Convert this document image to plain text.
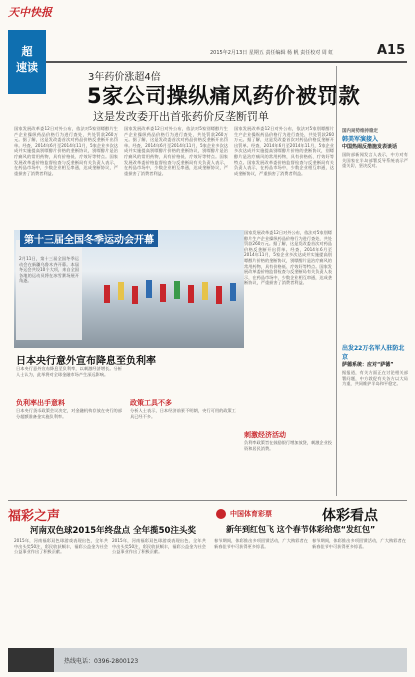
天中快报
2015年2月13日 星期五 责任编辑 杨 帆 责任校对 周 虹	A15
超
速读
3年药价涨超4倍
5家公司操纵痛风药价被罚款
这是发改委开出首张药价反垄断罚单
国家发展改革委12日对外公布，依法对5家别嘌醇片生产企业操纵药品价格行为进行查处，共处罚款260万元。据了解，这是发改委首次对药品价格反垄断开出罚单。经查，2014年6月至2014年11月，5家企业多次达成并实施提高别嘌醇片价格的垄断协议，别嘌醇片是治疗痛风的常用药物，具有价格低、疗效好等特点。国家发展改革委价格监督检查与反垄断局有关负责人表示，在药品市场中，少数企业相互串通，达成垄断协议，严重损害了消费者利益。
国家发展改革委12日对外公布，依法对5家别嘌醇片生产企业操纵药品价格行为进行查处，共处罚款260万元。据了解，这是发改委首次对药品价格反垄断开出罚单。经查，2014年6月至2014年11月，5家企业多次达成并实施提高别嘌醇片价格的垄断协议，别嘌醇片是治疗痛风的常用药物，具有价格低、疗效好等特点。国家发展改革委价格监督检查与反垄断局有关负责人表示，在药品市场中，少数企业相互串通，达成垄断协议，严重损害了消费者利益。
国家发展改革委12日对外公布，依法对5家别嘌醇片生产企业操纵药品价格行为进行查处，共处罚款260万元。据了解，这是发改委首次对药品价格反垄断开出罚单。经查，2014年6月至2014年11月，5家企业多次达成并实施提高别嘌醇片价格的垄断协议，别嘌醇片是治疗痛风的常用药物，具有价格低、疗效好等特点。国家发展改革委价格监督检查与反垄断局有关负责人表示，在药品市场中，少数企业相互串通，达成垄断协议，严重损害了消费者利益。
2月11日，第十三届全国冬季运动会在新疆乌鲁木齐开幕。本届冬运会共设10个大项，来自全国各地的运动员将在冰雪赛场展开角逐。
第十三届全国冬季运动会开幕
日本央行意外宣布降息至负利率
日本央行意外宣布降息至负利率，以刺激经济增长。分析人士认为，此举将对全球金融市场产生深远影响。
负利率出手意料
日本央行货币政策会议决定，对金融机构存放在央行的部分超额准备金实施负利率。
政策工具不多
分析人士表示，日本经济前景不明朗，央行可用的政策工具已经不多。
刺激经济活动
负利率政策旨在鼓励银行增加放贷，刺激企业投资和居民消费。
国家发展改革委12日对外公布，依法对5家别嘌醇片生产企业操纵药品价格行为进行查处，共处罚款260万元。据了解，这是发改委首次对药品价格反垄断开出罚单。经查，2014年6月至2014年11月，5家企业多次达成并实施提高别嘌醇片价格的垄断协议，别嘌醇片是治疗痛风的常用药物，具有价格低、疗效好等特点。国家发展改革委价格监督检查与反垄断局有关负责人表示，在药品市场中，少数企业相互串通，达成垄断协议，严重损害了消费者利益。
国内局势维持稳定
韩美军演接入
中国热闹反措施发表谈话
国防部新闻发言人表示，中方对有关国家在半岛部署反导系统表示严重关切，坚决反对。
出发22万名军人驻防北京
萨德系统：应对“萨德”
据报道，有关方面正在讨论相关部署问题，中方敦促有关各方以大局为重，共同维护半岛和平稳定。
福彩之声
河南双色球2015年终盘点 全年揽50注头奖
2015年，河南福彩双色球游戏表现出色，全年共中出头奖50注，彩民收获颇丰，福彩公益金为社会公益事业作出了积极贡献。
2015年，河南福彩双色球游戏表现出色，全年共中出头奖50注，彩民收获颇丰，福彩公益金为社会公益事业作出了积极贡献。
中国体育彩票	体彩看点
新年到红包飞 这个春节体彩给您“发红包”
春节期间，体彩推出多项回馈活动，广大购彩者在新春佳节中可获得更多惊喜。
春节期间，体彩推出多项回馈活动，广大购彩者在新春佳节中可获得更多惊喜。
热线电话：0396-2800123
